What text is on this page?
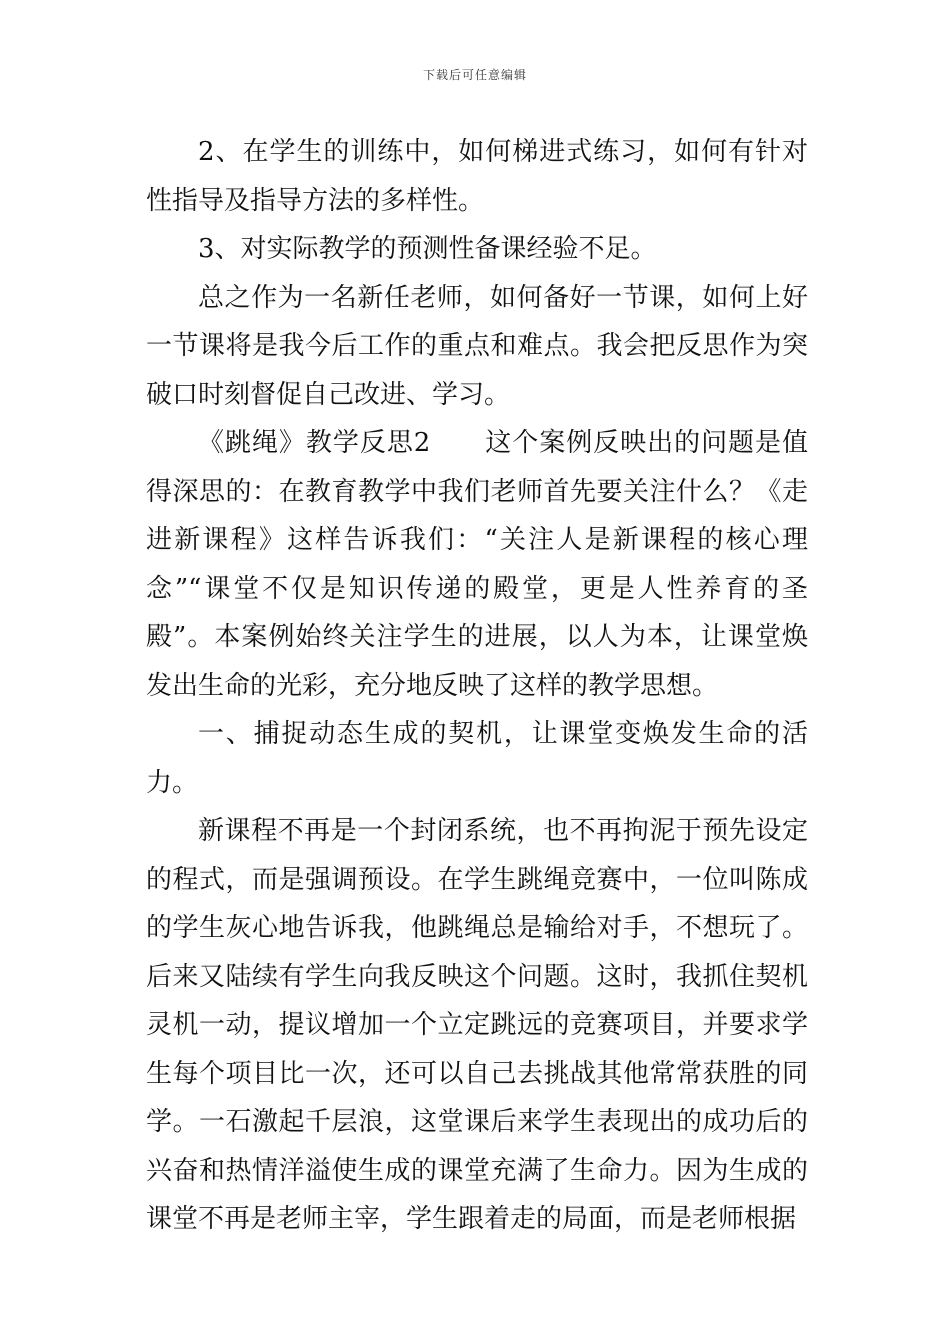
下载后可任意编辑

2、在学生的训练中，如何梯进式练习，如何有针对性指导及指导方法的多样性。

3、对实际教学的预测性备课经验不足。

总之作为一名新任老师，如何备好一节课，如何上好一节课将是我今后工作的重点和难点。我会把反思作为突破口时刻督促自己改进、学习。

《跳绳》教学反思2　　这个案例反映出的问题是值得深思的：在教育教学中我们老师首先要关注什么？《走进新课程》这样告诉我们：“关注人是新课程的核心理念”“课堂不仅是知识传递的殿堂，更是人性养育的圣殿”。本案例始终关注学生的进展，以人为本，让课堂焕发出生命的光彩，充分地反映了这样的教学思想。

一、捕捉动态生成的契机，让课堂变焕发生命的活力。

新课程不再是一个封闭系统，也不再拘泥于预先设定的程式，而是强调预设。在学生跳绳竞赛中，一位叫陈成的学生灰心地告诉我，他跳绳总是输给对手，不想玩了。后来又陆续有学生向我反映这个问题。这时，我抓住契机灵机一动，提议增加一个立定跳远的竞赛项目，并要求学生每个项目比一次，还可以自己去挑战其他常常获胜的同学。一石激起千层浪，这堂课后来学生表现出的成功后的兴奋和热情洋溢使生成的课堂充满了生命力。因为生成的课堂不再是老师主宰，学生跟着走的局面，而是老师根据
